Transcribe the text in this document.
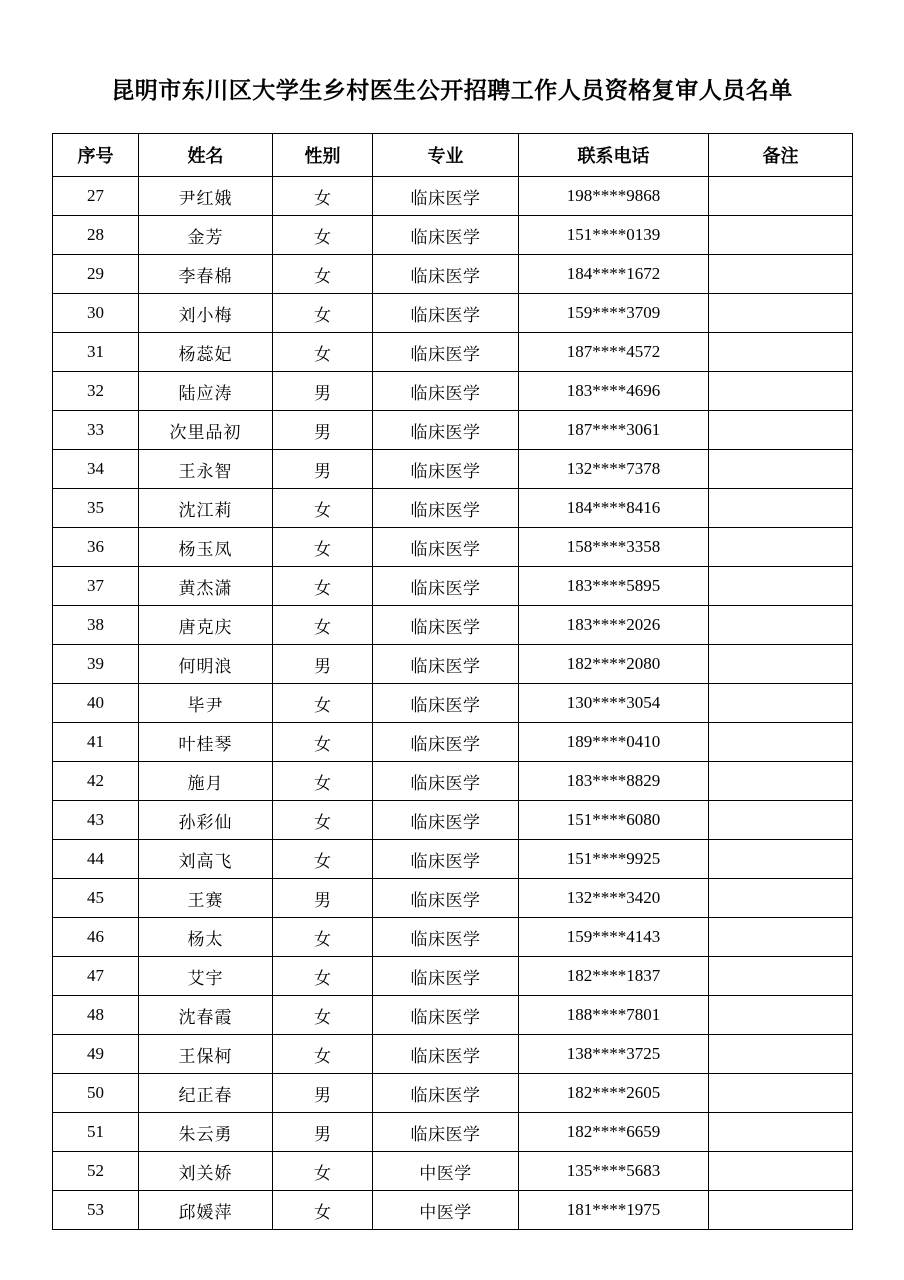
昆明市东川区大学生乡村医生公开招聘工作人员资格复审人员名单
序号	姓名	性别	专业	联系电话	备注
27	尹红娥	女	临床医学	198****9868	
28	金芳	女	临床医学	151****0139	
29	李春棉	女	临床医学	184****1672	
30	刘小梅	女	临床医学	159****3709	
31	杨蕊妃	女	临床医学	187****4572	
32	陆应涛	男	临床医学	183****4696	
33	次里品初	男	临床医学	187****3061	
34	王永智	男	临床医学	132****7378	
35	沈江莉	女	临床医学	184****8416	
36	杨玉凤	女	临床医学	158****3358	
37	黄杰潇	女	临床医学	183****5895	
38	唐克庆	女	临床医学	183****2026	
39	何明浪	男	临床医学	182****2080	
40	毕尹	女	临床医学	130****3054	
41	叶桂琴	女	临床医学	189****0410	
42	施月	女	临床医学	183****8829	
43	孙彩仙	女	临床医学	151****6080	
44	刘高飞	女	临床医学	151****9925	
45	王赛	男	临床医学	132****3420	
46	杨太	女	临床医学	159****4143	
47	艾宇	女	临床医学	182****1837	
48	沈春霞	女	临床医学	188****7801	
49	王保柯	女	临床医学	138****3725	
50	纪正春	男	临床医学	182****2605	
51	朱云勇	男	临床医学	182****6659	
52	刘关娇	女	中医学	135****5683	
53	邱媛萍	女	中医学	181****1975	
